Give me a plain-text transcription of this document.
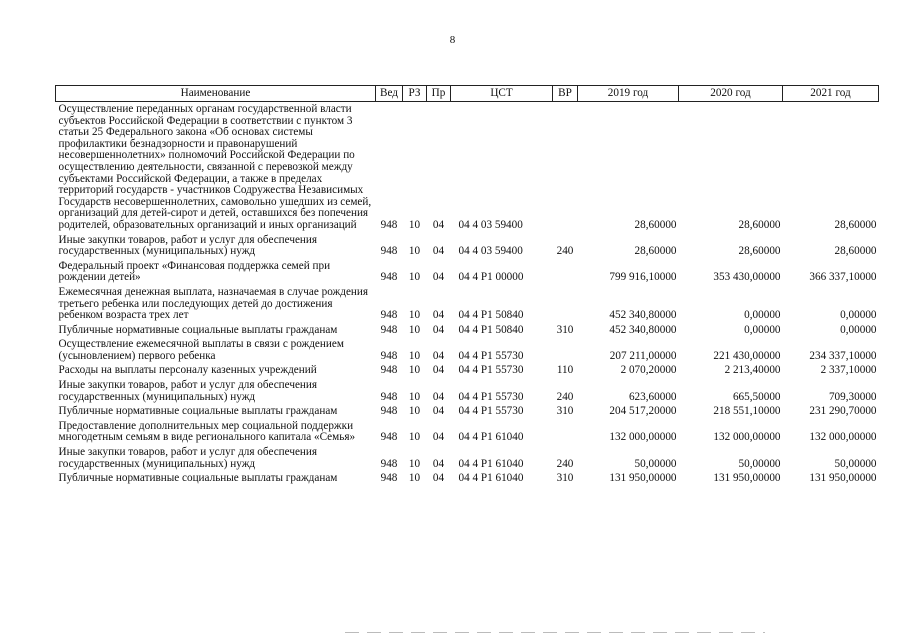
8
Наименование	Вед	РЗ	Пр	ЦСТ	ВР	2019 год	2020 год	2021 год
Осуществление переданных органам государственной власти субъектов Российской Федерации в соответствии с пунктом 3 статьи 25 Федерального закона «Об основах системы профилактики безнадзорности и правонарушений несовершеннолетних» полномочий Российской Федерации по осуществлению деятельности, связанной с перевозкой между субъектами Российской Федерации, а также в пределах территорий государств - участников Содружества Независимых Государств несовершеннолетних, самовольно ушедших из семей, организаций для детей-сирот и детей, оставшихся без попечения родителей, образовательных организаций и иных организаций	948	10	04	04 4 03 59400		28,60000	28,60000	28,60000
Иные закупки товаров, работ и услуг для обеспечения государственных (муниципальных) нужд	948	10	04	04 4 03 59400	240	28,60000	28,60000	28,60000
Федеральный проект «Финансовая поддержка семей при рождении детей»	948	10	04	04 4 P1 00000		799 916,10000	353 430,00000	366 337,10000
Ежемесячная денежная выплата, назначаемая в случае рождения третьего ребенка или последующих детей до достижения ребенком возраста трех лет	948	10	04	04 4 P1 50840		452 340,80000	0,00000	0,00000
Публичные нормативные социальные выплаты гражданам	948	10	04	04 4 P1 50840	310	452 340,80000	0,00000	0,00000
Осуществление ежемесячной выплаты в связи с рождением (усыновлением) первого ребенка	948	10	04	04 4 P1 55730		207 211,00000	221 430,00000	234 337,10000
Расходы на выплаты персоналу казенных учреждений	948	10	04	04 4 P1 55730	110	2 070,20000	2 213,40000	2 337,10000
Иные закупки товаров, работ и услуг для обеспечения государственных (муниципальных) нужд	948	10	04	04 4 P1 55730	240	623,60000	665,50000	709,30000
Публичные нормативные социальные выплаты гражданам	948	10	04	04 4 P1 55730	310	204 517,20000	218 551,10000	231 290,70000
Предоставление дополнительных мер социальной поддержки многодетным семьям в виде регионального капитала «Семья»	948	10	04	04 4 P1 61040		132 000,00000	132 000,00000	132 000,00000
Иные закупки товаров, работ и услуг для обеспечения государственных (муниципальных) нужд	948	10	04	04 4 P1 61040	240	50,00000	50,00000	50,00000
Публичные нормативные социальные выплаты гражданам	948	10	04	04 4 P1 61040	310	131 950,00000	131 950,00000	131 950,00000
